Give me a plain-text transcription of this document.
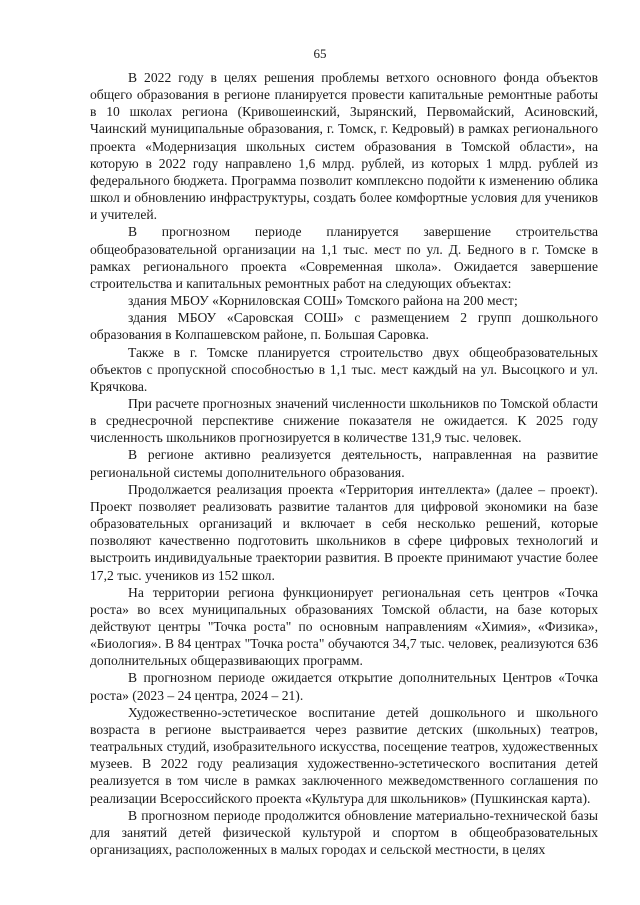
65

В 2022 году в целях решения проблемы ветхого основного фонда объектов общего образования в регионе планируется провести капитальные ремонтные работы в 10 школах региона (Кривошеинский, Зырянский, Первомайский, Асиновский, Чаинский муниципальные образования, г. Томск, г. Кедровый) в рамках регионального проекта «Модернизация школьных систем образования в Томской области», на которую в 2022 году направлено 1,6 млрд. рублей, из которых 1 млрд. рублей из федерального бюджета. Программа позволит комплексно подойти к изменению облика школ и обновлению инфраструктуры, создать более комфортные условия для учеников и учителей.

В прогнозном периоде планируется завершение строительства общеобразовательной организации на 1,1 тыс. мест по ул. Д. Бедного в г. Томске в рамках регионального проекта «Современная школа». Ожидается завершение строительства и капитальных ремонтных работ на следующих объектах:

здания МБОУ «Корниловская СОШ» Томского района на 200 мест;

здания МБОУ «Саровская СОШ» с размещением 2 групп дошкольного образования в Колпашевском районе, п. Большая Саровка.

Также в г. Томске планируется строительство двух общеобразовательных объектов с пропускной способностью в 1,1 тыс. мест каждый на ул. Высоцкого и ул. Крячкова.

При расчете прогнозных значений численности школьников по Томской области в среднесрочной перспективе снижение показателя не ожидается. К 2025 году численность школьников прогнозируется в количестве 131,9 тыс. человек.

В регионе активно реализуется деятельность, направленная на развитие региональной системы дополнительного образования.

Продолжается реализация проекта «Территория интеллекта» (далее – проект). Проект позволяет реализовать развитие талантов для цифровой экономики на базе образовательных организаций и включает в себя несколько решений, которые позволяют качественно подготовить школьников в сфере цифровых технологий и выстроить индивидуальные траектории развития. В проекте принимают участие более 17,2 тыс. учеников из 152 школ.

На территории региона функционирует региональная сеть центров «Точка роста» во всех муниципальных образованиях Томской области, на базе которых действуют центры "Точка роста" по основным направлениям «Химия», «Физика», «Биология». В 84 центрах "Точка роста" обучаются 34,7 тыс. человек, реализуются 636 дополнительных общеразвивающих программ.

В прогнозном периоде ожидается открытие дополнительных Центров «Точка роста» (2023 – 24 центра, 2024 – 21).

Художественно-эстетическое воспитание детей дошкольного и школьного возраста в регионе выстраивается через развитие детских (школьных) театров, театральных студий, изобразительного искусства, посещение театров, художественных музеев. В 2022 году реализация художественно-эстетического воспитания детей реализуется в том числе в рамках заключенного межведомственного соглашения по реализации Всероссийского проекта «Культура для школьников» (Пушкинская карта).

В прогнозном периоде продолжится обновление материально-технической базы для занятий детей физической культурой и спортом в общеобразовательных организациях, расположенных в малых городах и сельской местности, в целях
